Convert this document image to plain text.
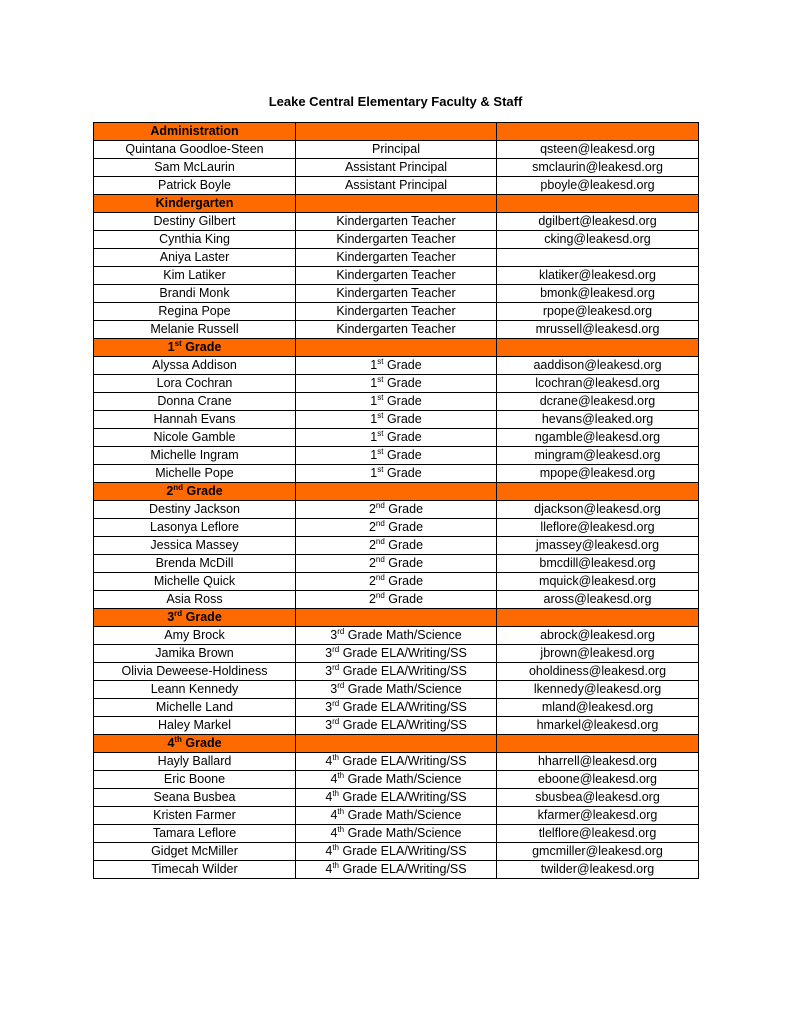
Leake Central Elementary Faculty & Staff
Administration		
Quintana Goodloe-Steen	Principal	qsteen@leakesd.org
Sam McLaurin	Assistant Principal	smclaurin@leakesd.org
Patrick Boyle	Assistant Principal	pboyle@leakesd.org
Kindergarten		
Destiny Gilbert	Kindergarten Teacher	dgilbert@leakesd.org
Cynthia King	Kindergarten Teacher	cking@leakesd.org
Aniya Laster	Kindergarten Teacher	
Kim Latiker	Kindergarten Teacher	klatiker@leakesd.org
Brandi Monk	Kindergarten Teacher	bmonk@leakesd.org
Regina Pope	Kindergarten Teacher	rpope@leakesd.org
Melanie Russell	Kindergarten Teacher	mrussell@leakesd.org
1st Grade		
Alyssa Addison	1st Grade	aaddison@leakesd.org
Lora Cochran	1st Grade	lcochran@leakesd.org
Donna Crane	1st Grade	dcrane@leakesd.org
Hannah Evans	1st Grade	hevans@leaked.org
Nicole Gamble	1st Grade	ngamble@leakesd.org
Michelle Ingram	1st Grade	mingram@leakesd.org
Michelle Pope	1st Grade	mpope@leakesd.org
2nd Grade		
Destiny Jackson	2nd Grade	djackson@leakesd.org
Lasonya Leflore	2nd Grade	lleflore@leakesd.org
Jessica Massey	2nd Grade	jmassey@leakesd.org
Brenda McDill	2nd Grade	bmcdill@leakesd.org
Michelle Quick	2nd Grade	mquick@leakesd.org
Asia Ross	2nd Grade	aross@leakesd.org
3rd Grade		
Amy Brock	3rd Grade Math/Science	abrock@leakesd.org
Jamika Brown	3rd Grade ELA/Writing/SS	jbrown@leakesd.org
Olivia Deweese-Holdiness	3rd Grade ELA/Writing/SS	oholdiness@leakesd.org
Leann Kennedy	3rd Grade Math/Science	lkennedy@leakesd.org
Michelle Land	3rd Grade ELA/Writing/SS	mland@leakesd.org
Haley Markel	3rd Grade ELA/Writing/SS	hmarkel@leakesd.org
4th Grade		
Hayly Ballard	4th Grade ELA/Writing/SS	hharrell@leakesd.org
Eric Boone	4th Grade Math/Science	eboone@leakesd.org
Seana Busbea	4th Grade ELA/Writing/SS	sbusbea@leakesd.org
Kristen Farmer	4th Grade Math/Science	kfarmer@leakesd.org
Tamara Leflore	4th Grade Math/Science	tlelflore@leakesd.org
Gidget McMiller	4th Grade ELA/Writing/SS	gmcmiller@leakesd.org
Timecah Wilder	4th Grade ELA/Writing/SS	twilder@leakesd.org
